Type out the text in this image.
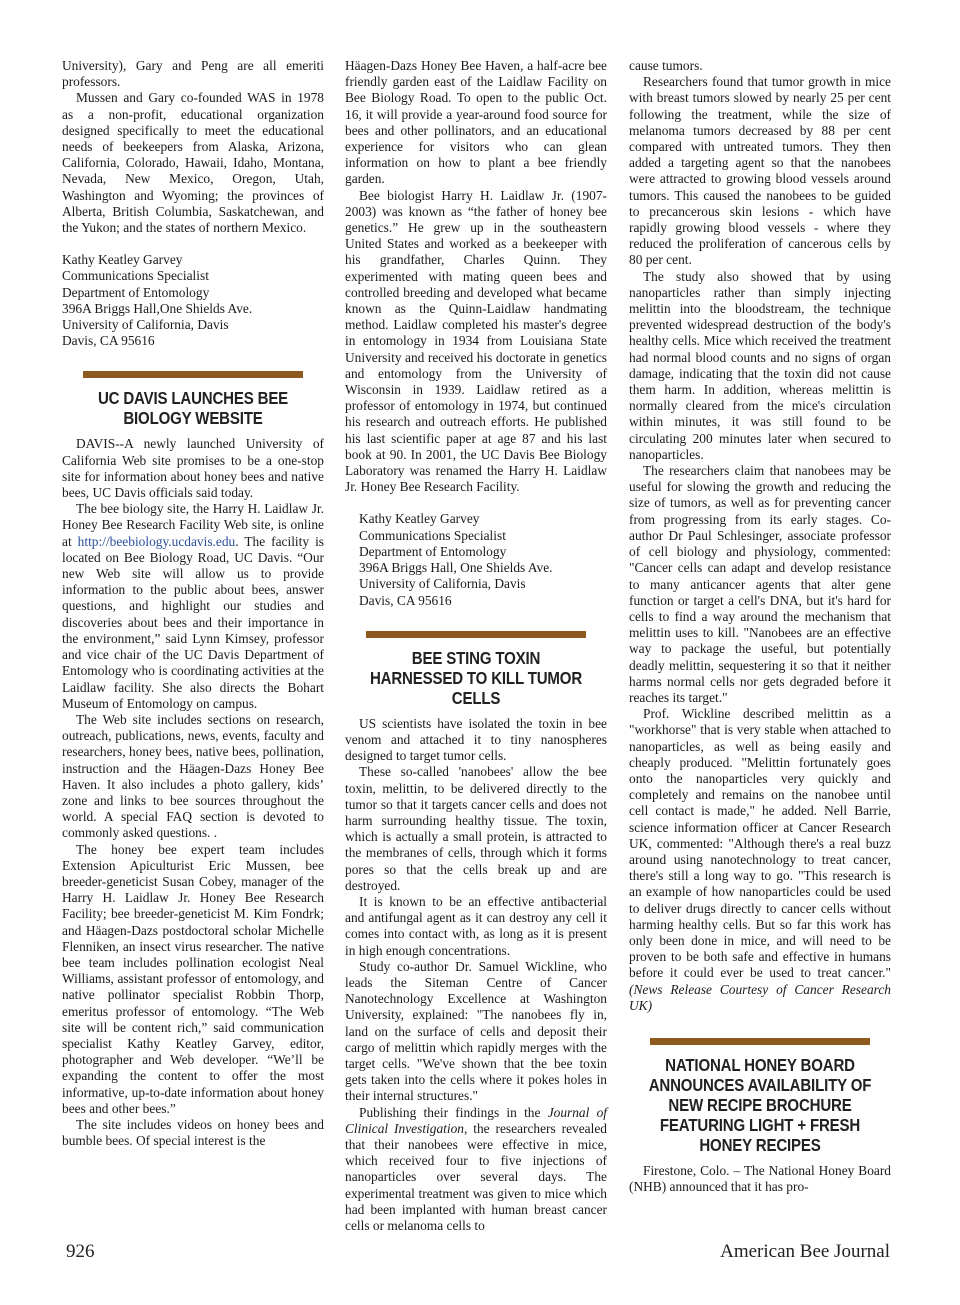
University), Gary and Peng are all emeriti professors.

Mussen and Gary co-founded WAS in 1978 as a non-profit, educational organization designed specifically to meet the educational needs of beekeepers from Alaska, Arizona, California, Colorado, Hawaii, Idaho, Montana, Nevada, New Mexico, Oregon, Utah, Washington and Wyoming; the provinces of Alberta, British Columbia, Saskatchewan, and the Yukon; and the states of northern Mexico.

Kathy Keatley Garvey
Communications Specialist
Department of Entomology
396A Briggs Hall,One Shields Ave.
University of California, Davis
Davis, CA 95616
UC DAVIS LAUNCHES BEE BIOLOGY WEBSITE

DAVIS--A newly launched University of California Web site promises to be a one-stop site for information about honey bees and native bees, UC Davis officials said today.

The bee biology site, the Harry H. Laidlaw Jr. Honey Bee Research Facility Web site, is online at http://beebiology.ucdavis.edu. The facility is located on Bee Biology Road, UC Davis. “Our new Web site will allow us to provide information to the public about bees, answer questions, and highlight our studies and discoveries about bees and their importance in the environment,” said Lynn Kimsey, professor and vice chair of the UC Davis Department of Entomology who is coordinating activities at the Laidlaw facility. She also directs the Bohart Museum of Entomology on campus.

The Web site includes sections on research, outreach, publications, news, events, faculty and researchers, honey bees, native bees, pollination, instruction and the Häagen-Dazs Honey Bee Haven. It also includes a photo gallery, kids’ zone and links to bee sources throughout the world. A special FAQ section is devoted to commonly asked questions. .

The honey bee expert team includes Extension Apiculturist Eric Mussen, bee breeder-geneticist Susan Cobey, manager of the Harry H. Laidlaw Jr. Honey Bee Research Facility; bee breeder-geneticist M. Kim Fondrk; and Häagen-Dazs postdoctoral scholar Michelle Flenniken, an insect virus researcher. The native bee team includes pollination ecologist Neal Williams, assistant professor of entomology, and native pollinator specialist Robbin Thorp, emeritus professor of entomology. “The Web site will be content rich,” said communication specialist Kathy Keatley Garvey, editor, photographer and Web developer. “We’ll be expanding the content to offer the most informative, up-to-date information about honey bees and other bees.”

The site includes videos on honey bees and bumble bees. Of special interest is the

Häagen-Dazs Honey Bee Haven, a half-acre bee friendly garden east of the Laidlaw Facility on Bee Biology Road. To open to the public Oct. 16, it will provide a year-around food source for bees and other pollinators, and an educational experience for visitors who can glean information on how to plant a bee friendly garden.

Bee biologist Harry H. Laidlaw Jr. (1907-2003) was known as “the father of honey bee genetics.” He grew up in the southeastern United States and worked as a beekeeper with his grandfather, Charles Quinn. They experimented with mating queen bees and controlled breeding and developed what became known as the Quinn-Laidlaw handmating method. Laidlaw completed his master's degree in entomology in 1934 from Louisiana State University and received his doctorate in genetics and entomology from the University of Wisconsin in 1939. Laidlaw retired as a professor of entomology in 1974, but continued his research and outreach efforts. He published his last scientific paper at age 87 and his last book at 90. In 2001, the UC Davis Bee Biology Laboratory was renamed the Harry H. Laidlaw Jr. Honey Bee Research Facility.

Kathy Keatley Garvey
Communications Specialist
Department of Entomology
396A Briggs Hall, One Shields Ave.
University of California, Davis
Davis, CA 95616
BEE STING TOXIN HARNESSED TO KILL TUMOR CELLS

US scientists have isolated the toxin in bee venom and attached it to tiny nanospheres designed to target tumor cells.

These so-called 'nanobees' allow the bee toxin, melittin, to be delivered directly to the tumor so that it targets cancer cells and does not harm surrounding healthy tissue. The toxin, which is actually a small protein, is attracted to the membranes of cells, through which it forms pores so that the cells break up and are destroyed.

It is known to be an effective antibacterial and antifungal agent as it can destroy any cell it comes into contact with, as long as it is present in high enough concentrations.

Study co-author Dr. Samuel Wickline, who leads the Siteman Centre of Cancer Nanotechnology Excellence at Washington University, explained: "The nanobees fly in, land on the surface of cells and deposit their cargo of melittin which rapidly merges with the target cells. "We've shown that the bee toxin gets taken into the cells where it pokes holes in their internal structures."

Publishing their findings in the Journal of Clinical Investigation, the researchers revealed that their nanobees were effective in mice, which received four to five injections of nanoparticles over several days. The experimental treatment was given to mice which had been implanted with human breast cancer cells or melanoma cells to

cause tumors.

Researchers found that tumor growth in mice with breast tumors slowed by nearly 25 per cent following the treatment, while the size of melanoma tumors decreased by 88 per cent compared with untreated tumors. They then added a targeting agent so that the nanobees were attracted to growing blood vessels around tumors. This caused the nanobees to be guided to precancerous skin lesions - which have rapidly growing blood vessels - where they reduced the proliferation of cancerous cells by 80 per cent.

The study also showed that by using nanoparticles rather than simply injecting melittin into the bloodstream, the technique prevented widespread destruction of the body's healthy cells. Mice which received the treatment had normal blood counts and no signs of organ damage, indicating that the toxin did not cause them harm. In addition, whereas melittin is normally cleared from the mice's circulation within minutes, it was still found to be circulating 200 minutes later when secured to nanoparticles.

The researchers claim that nanobees may be useful for slowing the growth and reducing the size of tumors, as well as for preventing cancer from progressing from its early stages. Co-author Dr Paul Schlesinger, associate professor of cell biology and physiology, commented: "Cancer cells can adapt and develop resistance to many anticancer agents that alter gene function or target a cell's DNA, but it's hard for cells to find a way around the mechanism that melittin uses to kill. "Nanobees are an effective way to package the useful, but potentially deadly melittin, sequestering it so that it neither harms normal cells nor gets degraded before it reaches its target."

Prof. Wickline described melittin as a "workhorse" that is very stable when attached to nanoparticles, as well as being easily and cheaply produced. "Melittin fortunately goes onto the nanoparticles very quickly and completely and remains on the nanobee until cell contact is made," he added. Nell Barrie, science information officer at Cancer Research UK, commented: "Although there's a real buzz around using nanotechnology to treat cancer, there's still a long way to go. "This research is an example of how nanoparticles could be used to deliver drugs directly to cancer cells without harming healthy cells. But so far this work has only been done in mice, and will need to be proven to be both safe and effective in humans before it could ever be used to treat cancer." (News Release Courtesy of Cancer Research UK)

NATIONAL HONEY BOARD ANNOUNCES AVAILABILITY OF NEW RECIPE BROCHURE FEATURING LIGHT + FRESH HONEY RECIPES

Firestone, Colo. – The National Honey Board (NHB) announced that it has pro-

926	American Bee Journal
